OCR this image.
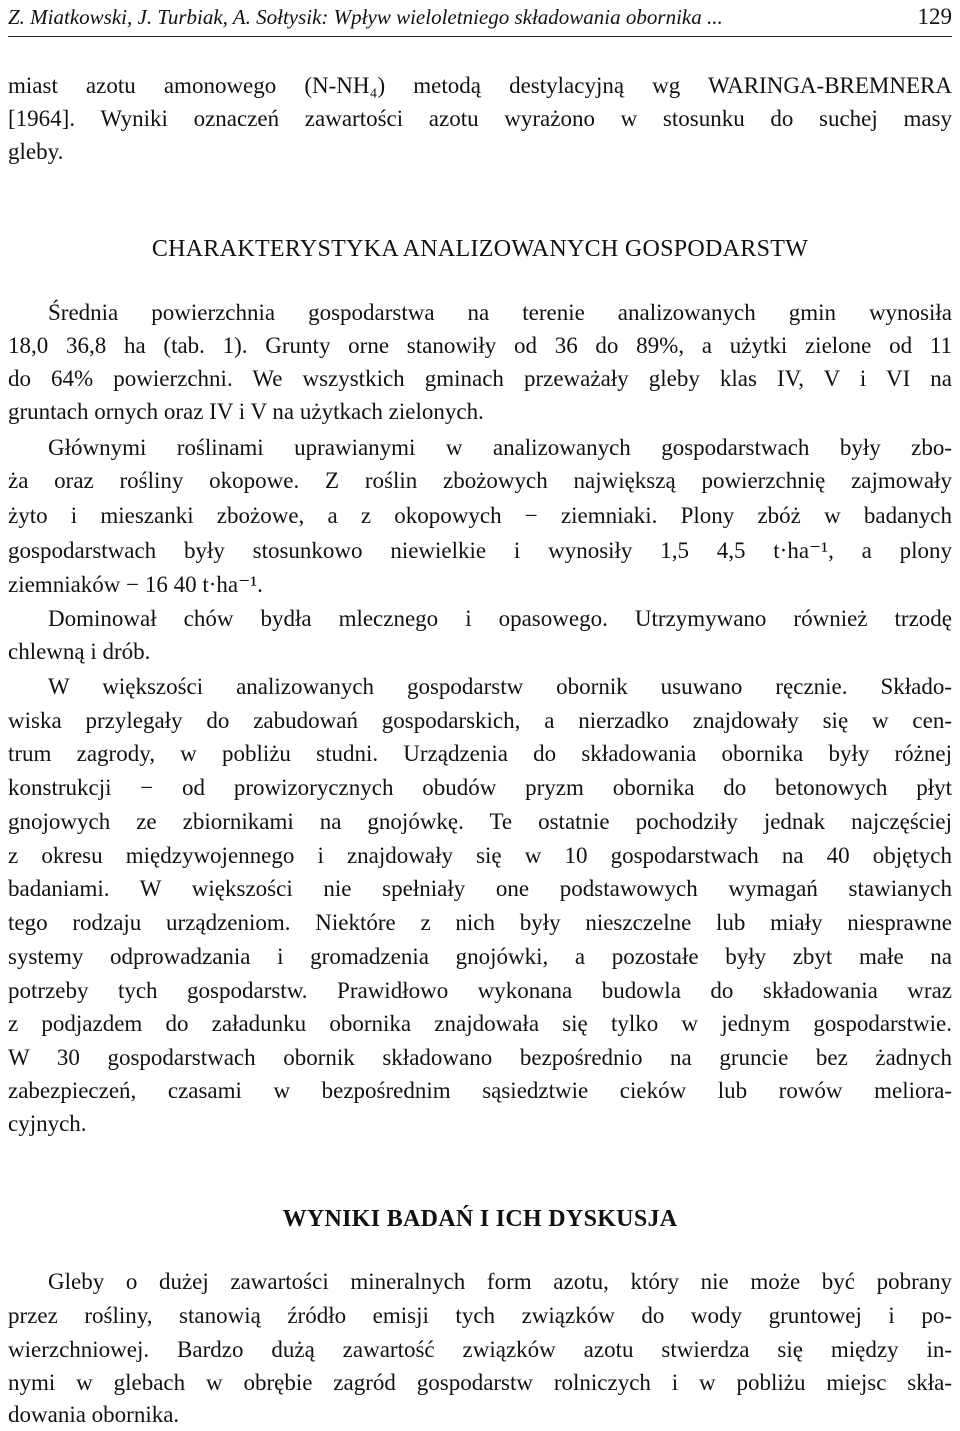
Z. Miatkowski, J. Turbiak, A. Sołtysik: Wpływ wieloletniego składowania obornika ...	129
miast azotu amonowego (N-NH₄) metodą destylacyjną wg WARINGA-BREMNERA
[1964]. Wyniki oznaczeń zawartości azotu wyrażono w stosunku do suchej masy
gleby.
CHARAKTERYSTYKA ANALIZOWANYCH GOSPODARSTW
Średnia powierzchnia gospodarstwa na terenie analizowanych gmin wynosiła
18,0 36,8 ha (tab. 1). Grunty orne stanowiły od 36 do 89%, a użytki zielone od 11
do 64% powierzchni. We wszystkich gminach przeważały gleby klas IV, V i VI na
gruntach ornych oraz IV i V na użytkach zielonych.
Głównymi roślinami uprawianymi w analizowanych gospodarstwach były zbo-
ża oraz rośliny okopowe. Z roślin zbożowych największą powierzchnię zajmowały
żyto i mieszanki zbożowe, a z okopowych − ziemniaki. Plony zbóż w badanych
gospodarstwach były stosunkowo niewielkie i wynosiły 1,5 4,5 t·ha⁻¹, a plony
ziemniaków − 16 40 t·ha⁻¹.
Dominował chów bydła mlecznego i opasowego. Utrzymywano również trzodę
chlewną i drób.
W większości analizowanych gospodarstw obornik usuwano ręcznie. Składo-
wiska przylegały do zabudowań gospodarskich, a nierzadko znajdowały się w cen-
trum zagrody, w pobliżu studni. Urządzenia do składowania obornika były różnej
konstrukcji − od prowizorycznych obudów pryzm obornika do betonowych płyt
gnojowych ze zbiornikami na gnojówkę. Te ostatnie pochodziły jednak najczęściej
z okresu międzywojennego i znajdowały się w 10 gospodarstwach na 40 objętych
badaniami. W większości nie spełniały one podstawowych wymagań stawianych
tego rodzaju urządzeniom. Niektóre z nich były nieszczelne lub miały niesprawne
systemy odprowadzania i gromadzenia gnojówki, a pozostałe były zbyt małe na
potrzeby tych gospodarstw. Prawidłowo wykonana budowla do składowania wraz
z podjazdem do załadunku obornika znajdowała się tylko w jednym gospodarstwie.
W 30 gospodarstwach obornik składowano bezpośrednio na gruncie bez żadnych
zabezpieczeń, czasami w bezpośrednim sąsiedztwie cieków lub rowów meliora-
cyjnych.
WYNIKI BADAŃ I ICH DYSKUSJA
Gleby o dużej zawartości mineralnych form azotu, który nie może być pobrany
przez rośliny, stanowią źródło emisji tych związków do wody gruntowej i po-
wierzchniowej. Bardzo dużą zawartość związków azotu stwierdza się między in-
nymi w glebach w obrębie zagród gospodarstw rolniczych i w pobliżu miejsc skła-
dowania obornika.
